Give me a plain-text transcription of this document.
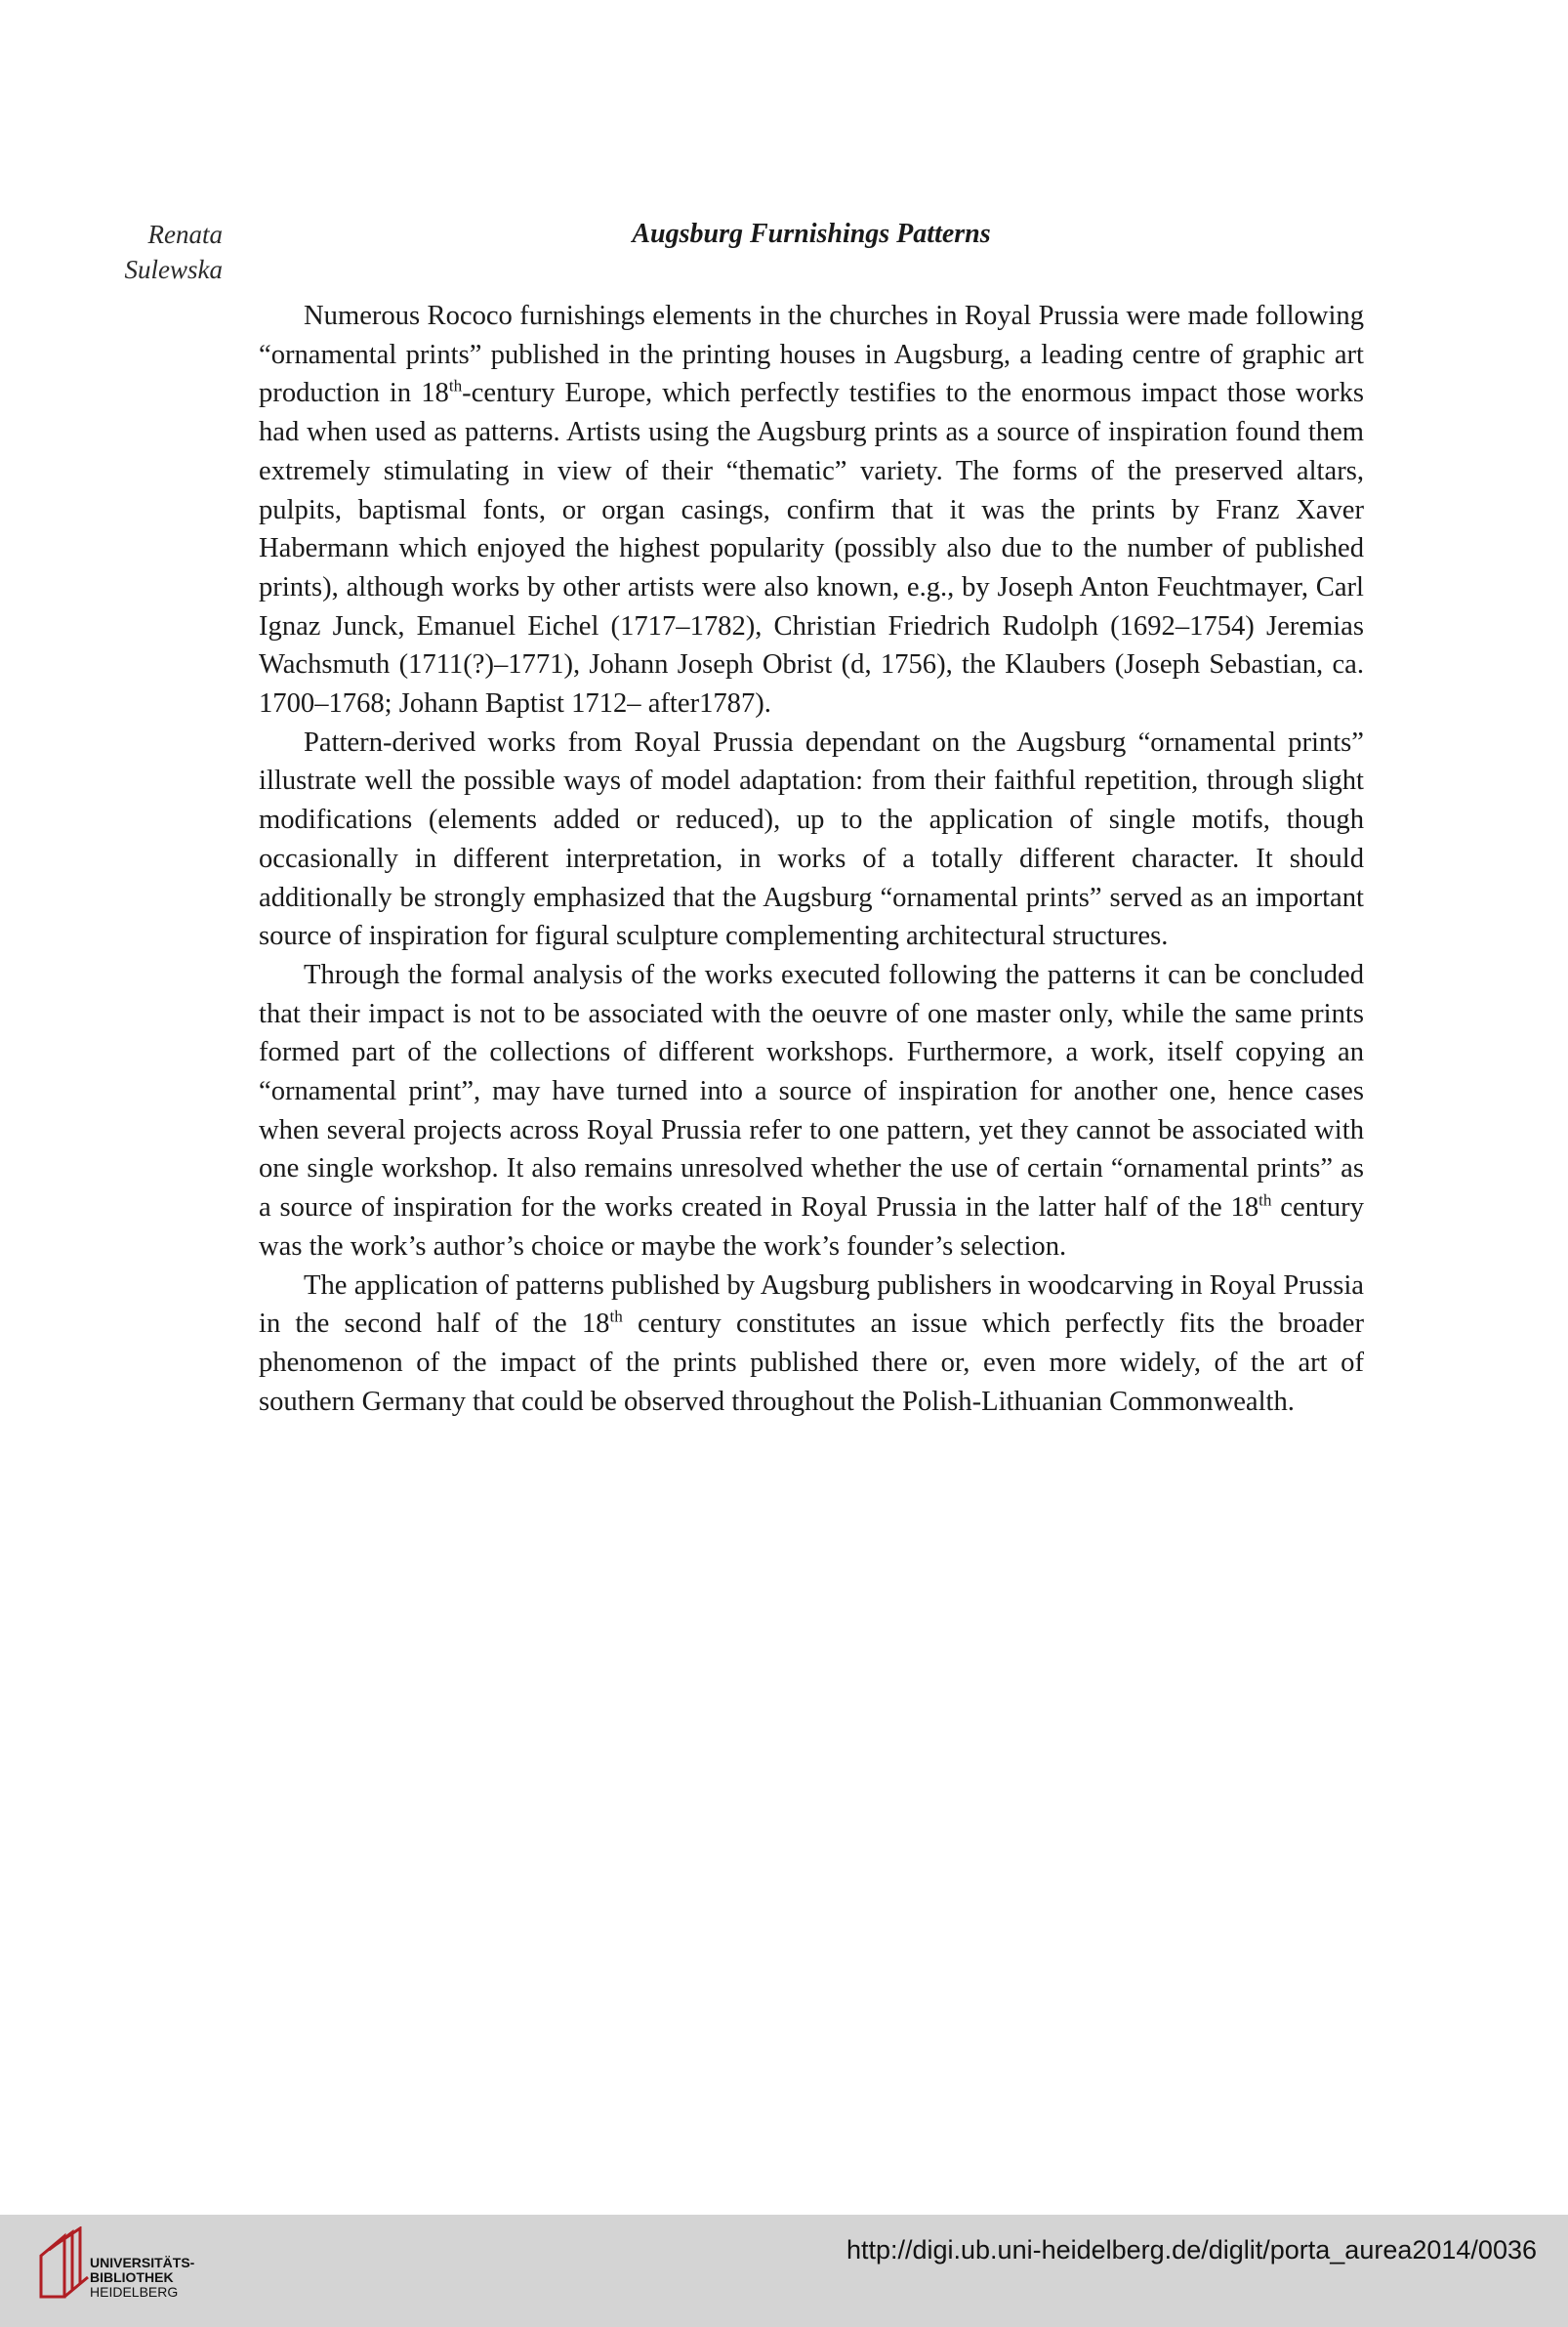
Renata
Sulewska
Augsburg Furnishings Patterns

Numerous Rococo furnishings elements in the churches in Royal Prussia were made following “ornamental prints” published in the printing houses in Augsburg, a leading centre of graphic art production in 18th-century Europe, which perfectly testifies to the enormous impact those works had when used as patterns. Artists using the Augsburg prints as a source of inspiration found them extremely stimulating in view of their “thematic” variety. The forms of the preserved altars, pulpits, baptismal fonts, or organ casings, confirm that it was the prints by Franz Xaver Habermann which enjoyed the highest popularity (possibly also due to the number of published prints), although works by other artists were also known, e.g., by Joseph Anton Feuchtmayer, Carl Ignaz Junck, Emanuel Eichel (1717–1782), Christian Friedrich Rudolph (1692–1754) Jeremias Wachsmuth (1711(?)–1771), Johann Joseph Obrist (d, 1756), the Klaubers (Joseph Sebastian, ca. 1700–1768; Johann Baptist 1712– after1787).

Pattern-derived works from Royal Prussia dependant on the Augsburg “ornamental prints” illustrate well the possible ways of model adaptation: from their faithful repetition, through slight modifications (elements added or reduced), up to the application of single motifs, though occasionally in different interpretation, in works of a totally different character. It should additionally be strongly emphasized that the Augsburg “ornamental prints” served as an important source of inspiration for figural sculpture complementing architectural structures.

Through the formal analysis of the works executed following the patterns it can be concluded that their impact is not to be associated with the oeuvre of one master only, while the same prints formed part of the collections of different workshops. Furthermore, a work, itself copying an “ornamental print”, may have turned into a source of inspiration for another one, hence cases when several projects across Royal Prussia refer to one pattern, yet they cannot be associated with one single workshop. It also remains unresolved whether the use of certain “ornamental prints” as a source of inspiration for the works created in Royal Prussia in the latter half of the 18th century was the work’s author’s choice or maybe the work’s founder’s selection.

The application of patterns published by Augsburg publishers in woodcarving in Royal Prussia in the second half of the 18th century constitutes an issue which perfectly fits the broader phenomenon of the impact of the prints published there or, even more widely, of the art of southern Germany that could be observed throughout the Polish-Lithuanian Commonwealth.

UNIVERSITÄTS-
BIBLIOTHEK
HEIDELBERG
http://digi.ub.uni-heidelberg.de/diglit/porta_aurea2014/0036
